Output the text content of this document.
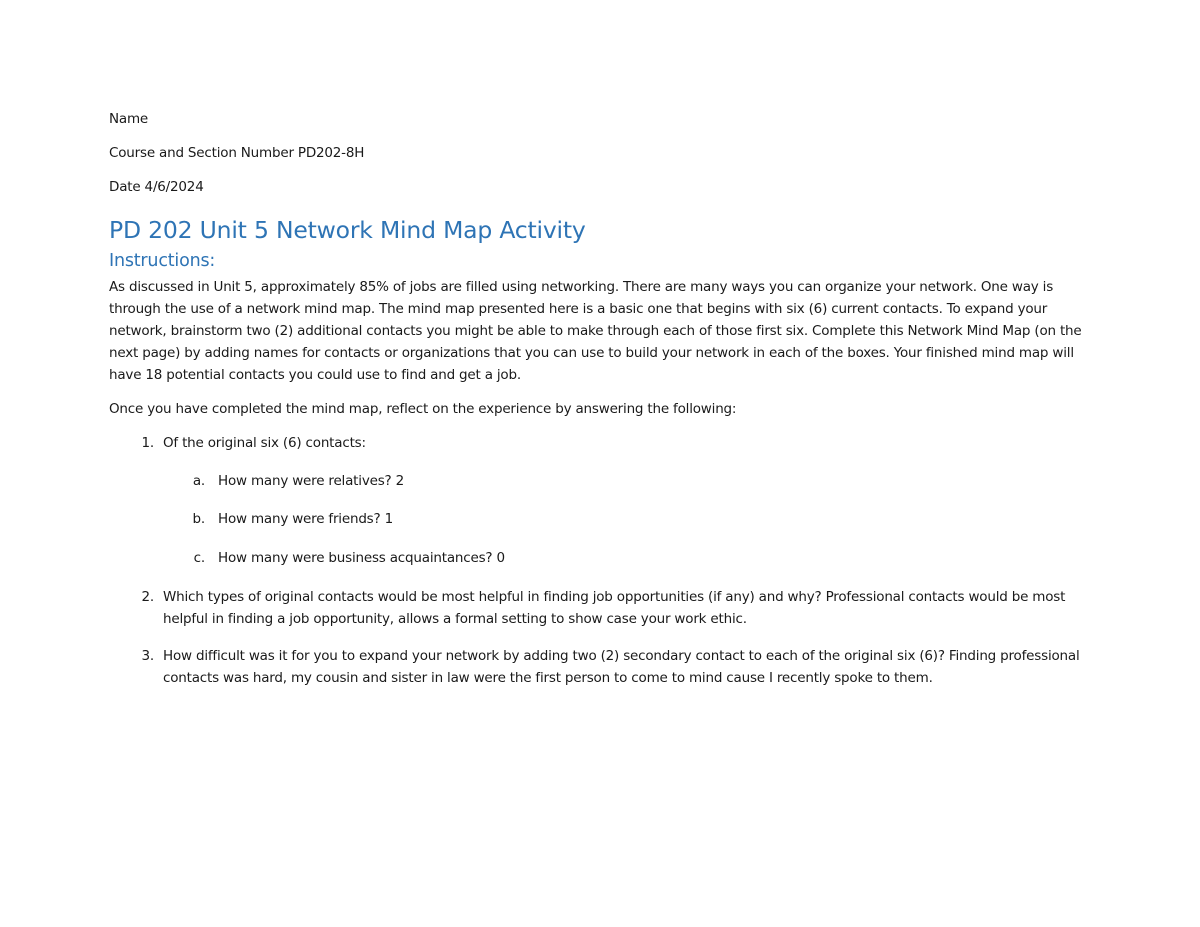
Name
Course and Section Number PD202-8H
Date 4/6/2024
PD 202 Unit 5 Network Mind Map Activity
Instructions:

As discussed in Unit 5, approximately 85% of jobs are filled using networking. There are many ways you can organize your network. One way is through the use of a network mind map. The mind map presented here is a basic one that begins with six (6) current contacts. To expand your network, brainstorm two (2) additional contacts you might be able to make through each of those first six. Complete this Network Mind Map (on the next page) by adding names for contacts or organizations that you can use to build your network in each of the boxes. Your finished mind map will have 18 potential contacts you could use to find and get a job.

Once you have completed the mind map, reflect on the experience by answering the following:

1. Of the original six (6) contacts:

a. How many were relatives? 2
b. How many were friends? 1
c. How many were business acquaintances? 0
2. Which types of original contacts would be most helpful in finding job opportunities (if any) and why? Professional contacts would be most helpful in finding a job opportunity, allows a formal setting to show case your work ethic.

3. How difficult was it for you to expand your network by adding two (2) secondary contact to each of the original six (6)? Finding professional contacts was hard, my cousin and sister in law were the first person to come to mind cause I recently spoke to them.
